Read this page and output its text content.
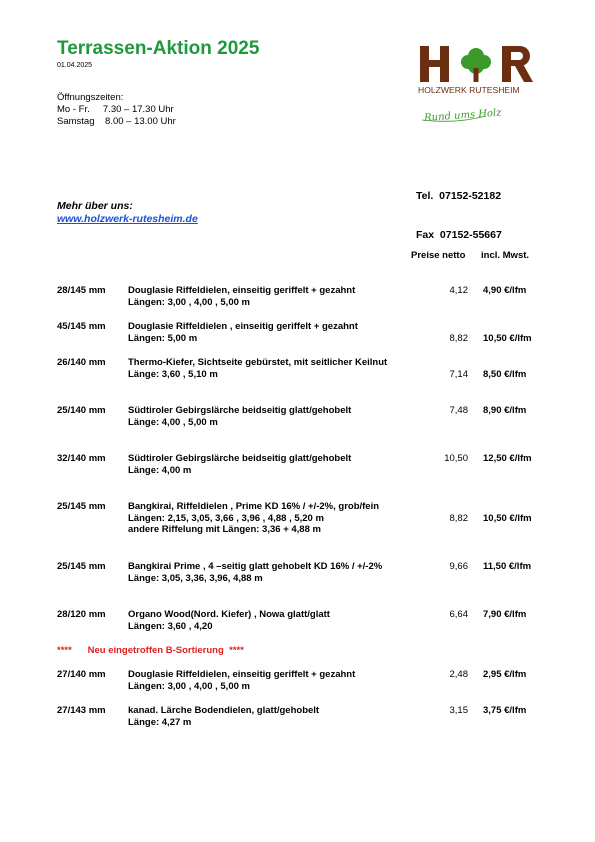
Terrassen-Aktion 2025
01.04.2025
Öffnungszeiten:
Mo - Fr.     7.30 – 17.30 Uhr
Samstag    8.00 – 13.00 Uhr
HOLZWERK RUTESHEIM
Rund ums Holz

Tel.  07152-52182

Fax  07152-55667

Mehr über uns:
www.holzwerk-rutesheim.de
Preise netto incl. Mwst.
28/145 mm Douglasie Riffeldielen, einseitig geriffelt + gezahnt
Längen: 3,00 , 4,00 , 5,00 m
4,12 4,90 €/lfm
45/145 mm Douglasie Riffeldielen , einseitig geriffelt + gezahnt
Längen: 5,00 m	8,82 10,50 €/lfm
26/140 mm Thermo-Kiefer, Sichtseite gebürstet, mit seitlicher Keilnut
Länge: 3,60 , 5,10 m	7,14 8,50 €/lfm
25/140 mm Südtiroler Gebirgslärche beidseitig glatt/gehobelt
Länge: 4,00 , 5,00 m
7,48 8,90 €/lfm
32/140 mm Südtiroler Gebirgslärche beidseitig glatt/gehobelt
Länge: 4,00 m
10,50 12,50 €/lfm
25/145 mm Bangkirai, Riffeldielen , Prime KD 16% / +/-2%, grob/fein
Längen: 2,15, 3,05, 3,66 , 3,96 , 4,88 , 5,20 m
andere Riffelung mit Längen: 3,36 + 4,88 m
8,82 10,50 €/lfm
25/145 mm Bangkirai Prime , 4 –seitig glatt gehobelt KD 16% / +/-2%
Länge: 3,05, 3,36, 3,96, 4,88 m
9,66 11,50 €/lfm
28/120 mm Organo Wood(Nord. Kiefer) , Nowa glatt/glatt
Längen: 3,60 , 4,20
6,64 7,90 €/lfm
****      Neu eingetroffen B-Sortierung  ****
27/140 mm Douglasie Riffeldielen, einseitig geriffelt + gezahnt
Längen: 3,00 , 4,00 , 5,00 m
2,48 2,95 €/lfm
27/143 mm kanad. Lärche Bodendielen, glatt/gehobelt
Länge: 4,27 m
3,15 3,75 €/lfm
